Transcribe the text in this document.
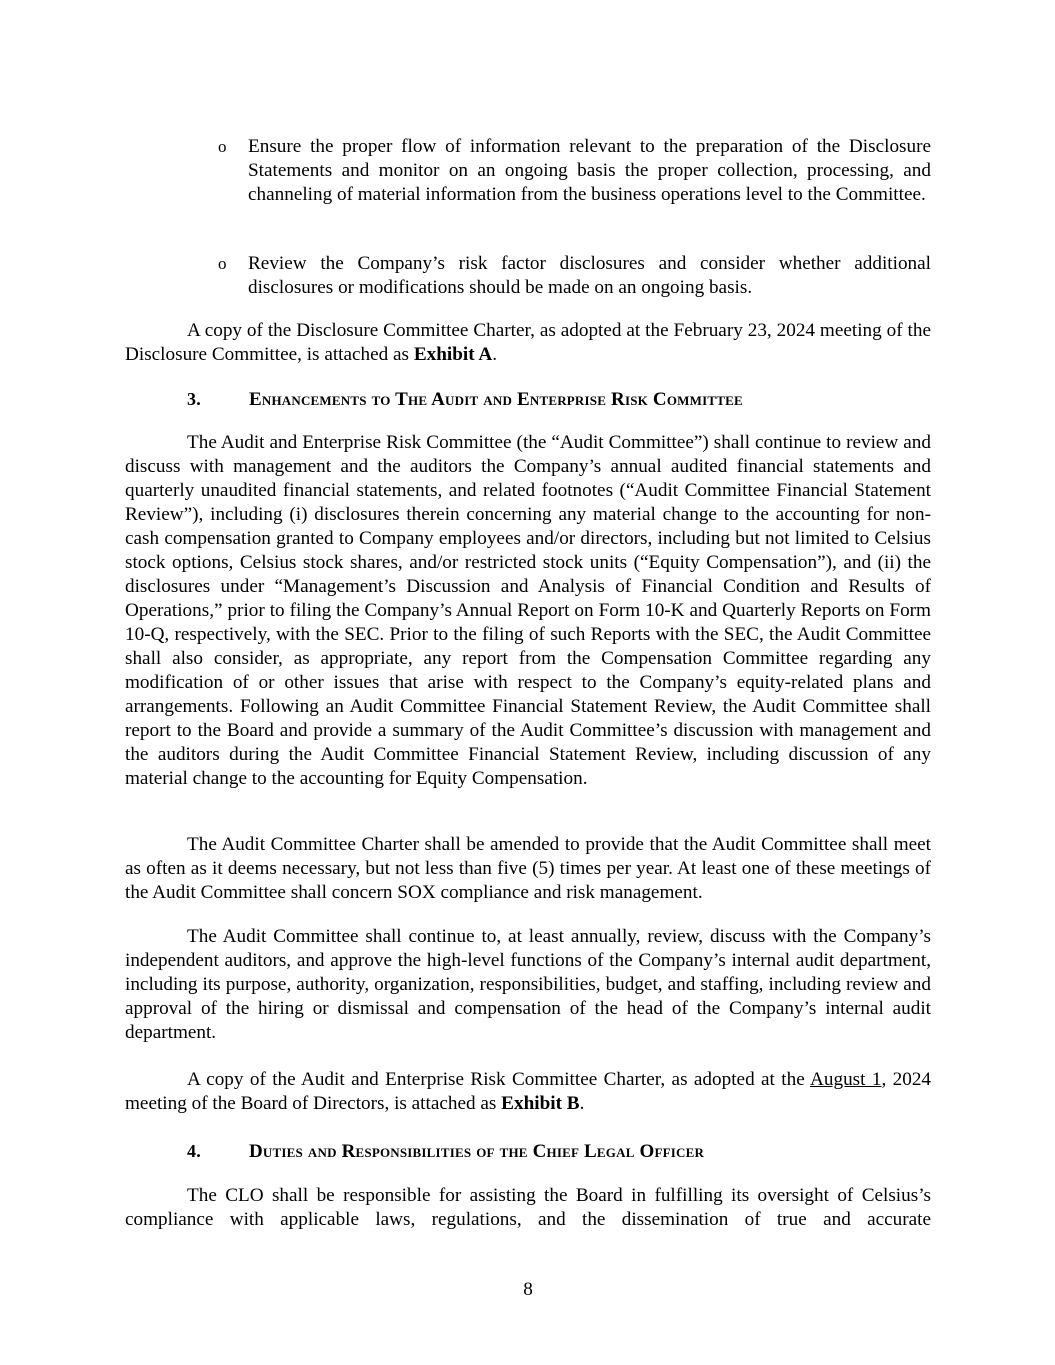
o Ensure the proper flow of information relevant to the preparation of the Disclosure Statements and monitor on an ongoing basis the proper collection, processing, and channeling of material information from the business operations level to the Committee.
o Review the Company’s risk factor disclosures and consider whether additional disclosures or modifications should be made on an ongoing basis.
A copy of the Disclosure Committee Charter, as adopted at the February 23, 2024 meeting of the Disclosure Committee, is attached as Exhibit A.
3.	Enhancements to The Audit and Enterprise Risk Committee
The Audit and Enterprise Risk Committee (the “Audit Committee”) shall continue to review and discuss with management and the auditors the Company’s annual audited financial statements and quarterly unaudited financial statements, and related footnotes (“Audit Committee Financial Statement Review”), including (i) disclosures therein concerning any material change to the accounting for non-cash compensation granted to Company employees and/or directors, including but not limited to Celsius stock options, Celsius stock shares, and/or restricted stock units (“Equity Compensation”), and (ii) the disclosures under “Management’s Discussion and Analysis of Financial Condition and Results of Operations,” prior to filing the Company’s Annual Report on Form 10-K and Quarterly Reports on Form 10-Q, respectively, with the SEC. Prior to the filing of such Reports with the SEC, the Audit Committee shall also consider, as appropriate, any report from the Compensation Committee regarding any modification of or other issues that arise with respect to the Company’s equity-related plans and arrangements. Following an Audit Committee Financial Statement Review, the Audit Committee shall report to the Board and provide a summary of the Audit Committee’s discussion with management and the auditors during the Audit Committee Financial Statement Review, including discussion of any material change to the accounting for Equity Compensation.
The Audit Committee Charter shall be amended to provide that the Audit Committee shall meet as often as it deems necessary, but not less than five (5) times per year. At least one of these meetings of the Audit Committee shall concern SOX compliance and risk management.
The Audit Committee shall continue to, at least annually, review, discuss with the Company’s independent auditors, and approve the high-level functions of the Company’s internal audit department, including its purpose, authority, organization, responsibilities, budget, and staffing, including review and approval of the hiring or dismissal and compensation of the head of the Company’s internal audit department.
A copy of the Audit and Enterprise Risk Committee Charter, as adopted at the August 1, 2024 meeting of the Board of Directors, is attached as Exhibit B.
4.	Duties and Responsibilities of the Chief Legal Officer
The CLO shall be responsible for assisting the Board in fulfilling its oversight of Celsius’s compliance with applicable laws, regulations, and the dissemination of true and accurate
8
